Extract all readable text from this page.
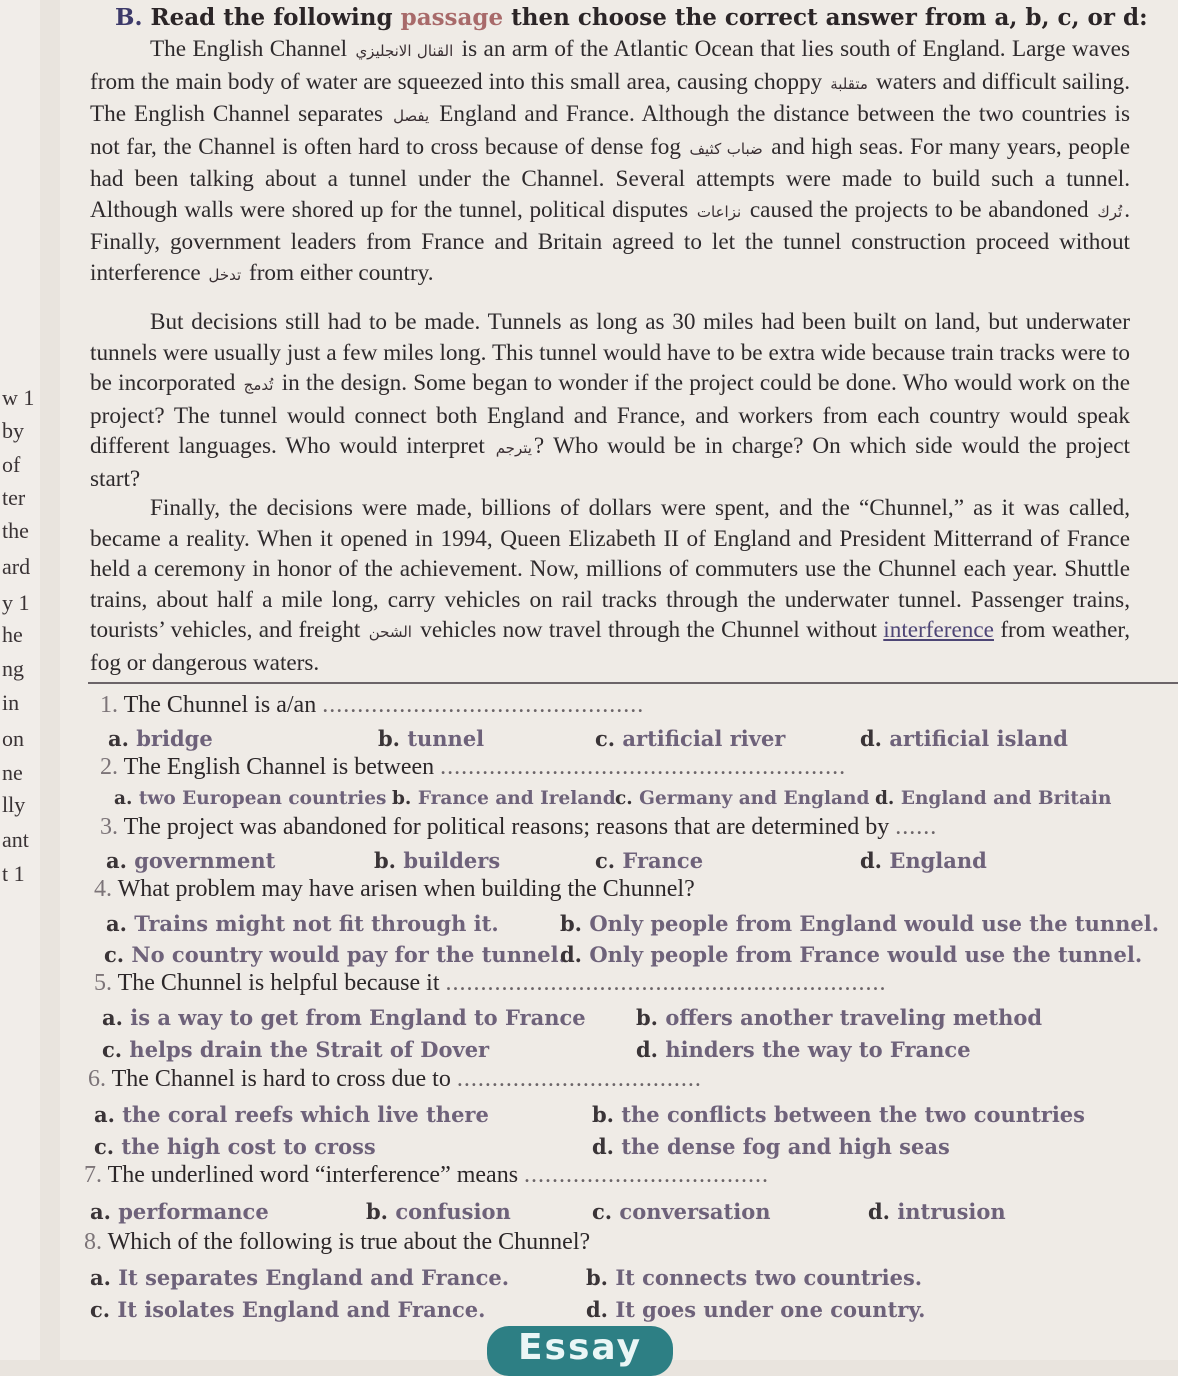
w 1
by
of
ter
the
ard
y 1
he
ng
in
on
ne
lly
ant
t 1
B. Read the following passage then choose the correct answer from a, b, c, or d:

The English Channel القنال الانجليزي is an arm of the Atlantic Ocean that lies south of England. Large waves from the main body of water are squeezed into this small area, causing choppy متقلبة waters and difficult sailing. The English Channel separates يفصل England and France. Although the distance between the two countries is not far, the Channel is often hard to cross because of dense fog ضباب كثيف and high seas. For many years, people had been talking about a tunnel under the Channel. Several attempts were made to build such a tunnel. Although walls were shored up for the tunnel, political disputes نزاعات caused the projects to be abandoned تُرك. Finally, government leaders from France and Britain agreed to let the tunnel construction proceed without interference تدخل from either country.

But decisions still had to be made. Tunnels as long as 30 miles had been built on land, but underwater tunnels were usually just a few miles long. This tunnel would have to be extra wide because train tracks were to be incorporated تُدمج in the design. Some began to wonder if the project could be done. Who would work on the project? The tunnel would connect both England and France, and workers from each country would speak different languages. Who would interpret يترجم? Who would be in charge? On which side would the project start?

Finally, the decisions were made, billions of dollars were spent, and the “Chunnel,” as it was called, became a reality. When it opened in 1994, Queen Elizabeth II of England and President Mitterrand of France held a ceremony in honor of the achievement. Now, millions of commuters use the Chunnel each year. Shuttle trains, about half a mile long, carry vehicles on rail tracks through the underwater tunnel. Passenger trains, tourists’ vehicles, and freight الشحن vehicles now travel through the Chunnel without interference from weather, fog or dangerous waters.

1. The Chunnel is a/an ..............................................
a. bridge	b. tunnel	c. artificial river	d. artificial island
2. The English Channel is between ..........................................................
a. two European countries b. France and Ireland c. Germany and England d. England and Britain
3. The project was abandoned for political reasons; reasons that are determined by ......
a. government	b. builders	c. France	d. England
4. What problem may have arisen when building the Chunnel?
a. Trains might not fit through it.	b. Only people from England would use the tunnel.
c. No country would pay for the tunnel.
d. Only people from France would use the tunnel.
5. The Chunnel is helpful because it ...............................................................
a. is a way to get from England to France b. offers another traveling method
c. helps drain the Strait of Dover	d. hinders the way to France
6. The Channel is hard to cross due to ...................................
a. the coral reefs which live there	b. the conflicts between the two countries
c. the high cost to cross	d. the dense fog and high seas
7. The underlined word “interference” means ...................................
a. performance	b. confusion	c. conversation	d. intrusion
8. Which of the following is true about the Chunnel?
a. It separates England and France.	b. It connects two countries.
c. It isolates England and France.	d. It goes under one country.
Essay
